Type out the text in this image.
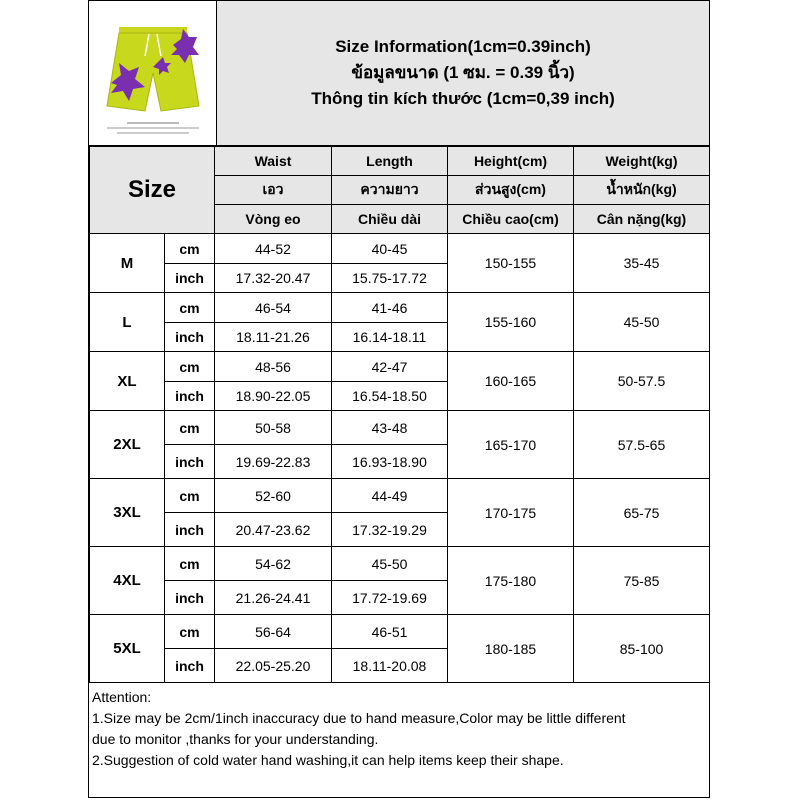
Size Information(1cm=0.39inch)
ข้อมูลขนาด (1 ซม. = 0.39 นิ้ว)
Thông tin kích thước (1cm=0,39 inch)
Size		Waist	Length	Height(cm)	Weight(kg)
		เอว	ความยาว	ส่วนสูง(cm)	น้ำหนัก(kg)
		Vòng eo	Chiều dài	Chiều cao(cm)	Cân nặng(kg)
M	cm	44-52	40-45	150-155	35-45
	inch	17.32-20.47	15.75-17.72		
L	cm	46-54	41-46	155-160	45-50
	inch	18.11-21.26	16.14-18.11		
XL	cm	48-56	42-47	160-165	50-57.5
	inch	18.90-22.05	16.54-18.50		
2XL	cm	50-58	43-48	165-170	57.5-65
	inch	19.69-22.83	16.93-18.90		
3XL	cm	52-60	44-49	170-175	65-75
	inch	20.47-23.62	17.32-19.29		
4XL	cm	54-62	45-50	175-180	75-85
	inch	21.26-24.41	17.72-19.69		
5XL	cm	56-64	46-51	180-185	85-100
	inch	22.05-25.20	18.11-20.08		

Attention:

1.Size may be 2cm/1inch inaccuracy due to hand measure,Color may be little different

due to monitor ,thanks for your understanding.

2.Suggestion of cold water hand washing,it can help items keep their shape.
